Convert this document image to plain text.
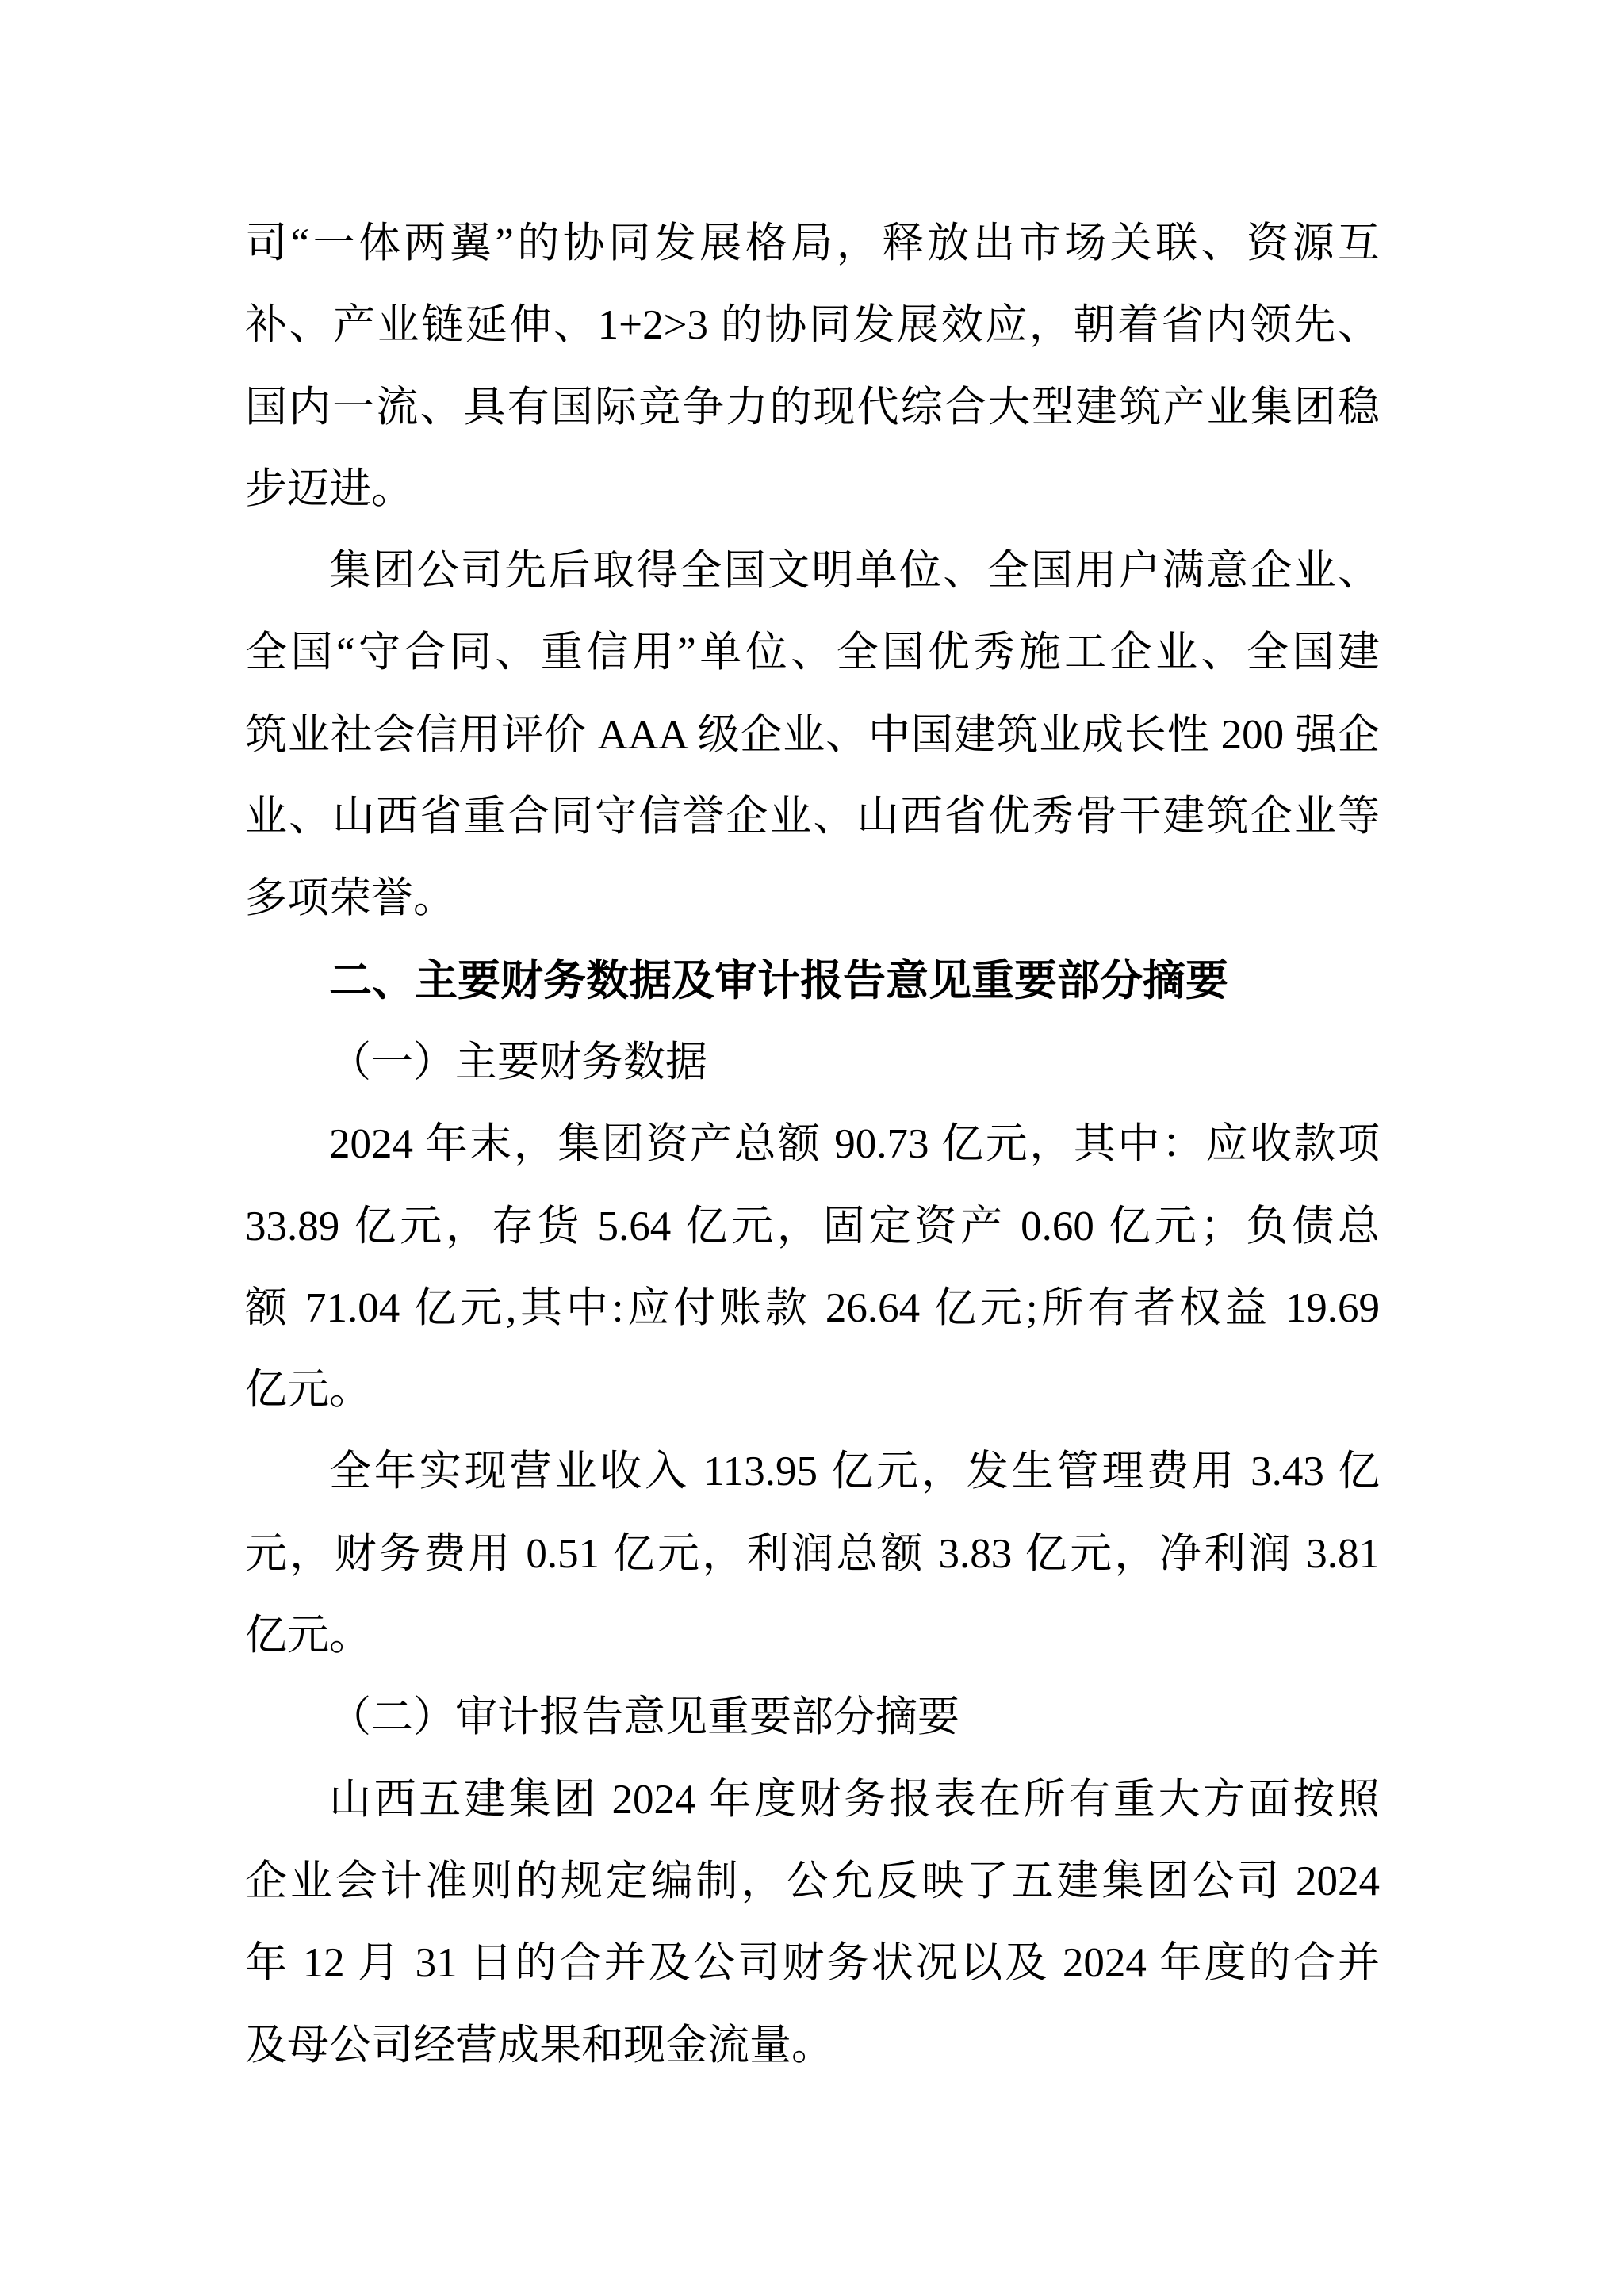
司“一体两翼”的协同发展格局，释放出市场关联、资源互
补、产业链延伸、1+2>3 的协同发展效应，朝着省内领先、
国内一流、具有国际竞争力的现代综合大型建筑产业集团稳
步迈进。
集团公司先后取得全国文明单位、全国用户满意企业、
全国“守合同、重信用”单位、全国优秀施工企业、全国建
筑业社会信用评价 AAA 级企业、中国建筑业成长性 200 强企
业、山西省重合同守信誉企业、山西省优秀骨干建筑企业等
多项荣誉。
二、主要财务数据及审计报告意见重要部分摘要
（一）主要财务数据
2024 年末，集团资产总额 90.73 亿元，其中：应收款项
33.89 亿元，存货 5.64 亿元，固定资产 0.60 亿元；负债总
额 71.04 亿元,其中:应付账款 26.64 亿元;所有者权益 19.69
亿元。
全年实现营业收入 113.95 亿元，发生管理费用 3.43 亿
元，财务费用 0.51 亿元，利润总额 3.83 亿元，净利润 3.81
亿元。
（二）审计报告意见重要部分摘要
山西五建集团 2024 年度财务报表在所有重大方面按照
企业会计准则的规定编制，公允反映了五建集团公司 2024
年 12 月 31 日的合并及公司财务状况以及 2024 年度的合并
及母公司经营成果和现金流量。
